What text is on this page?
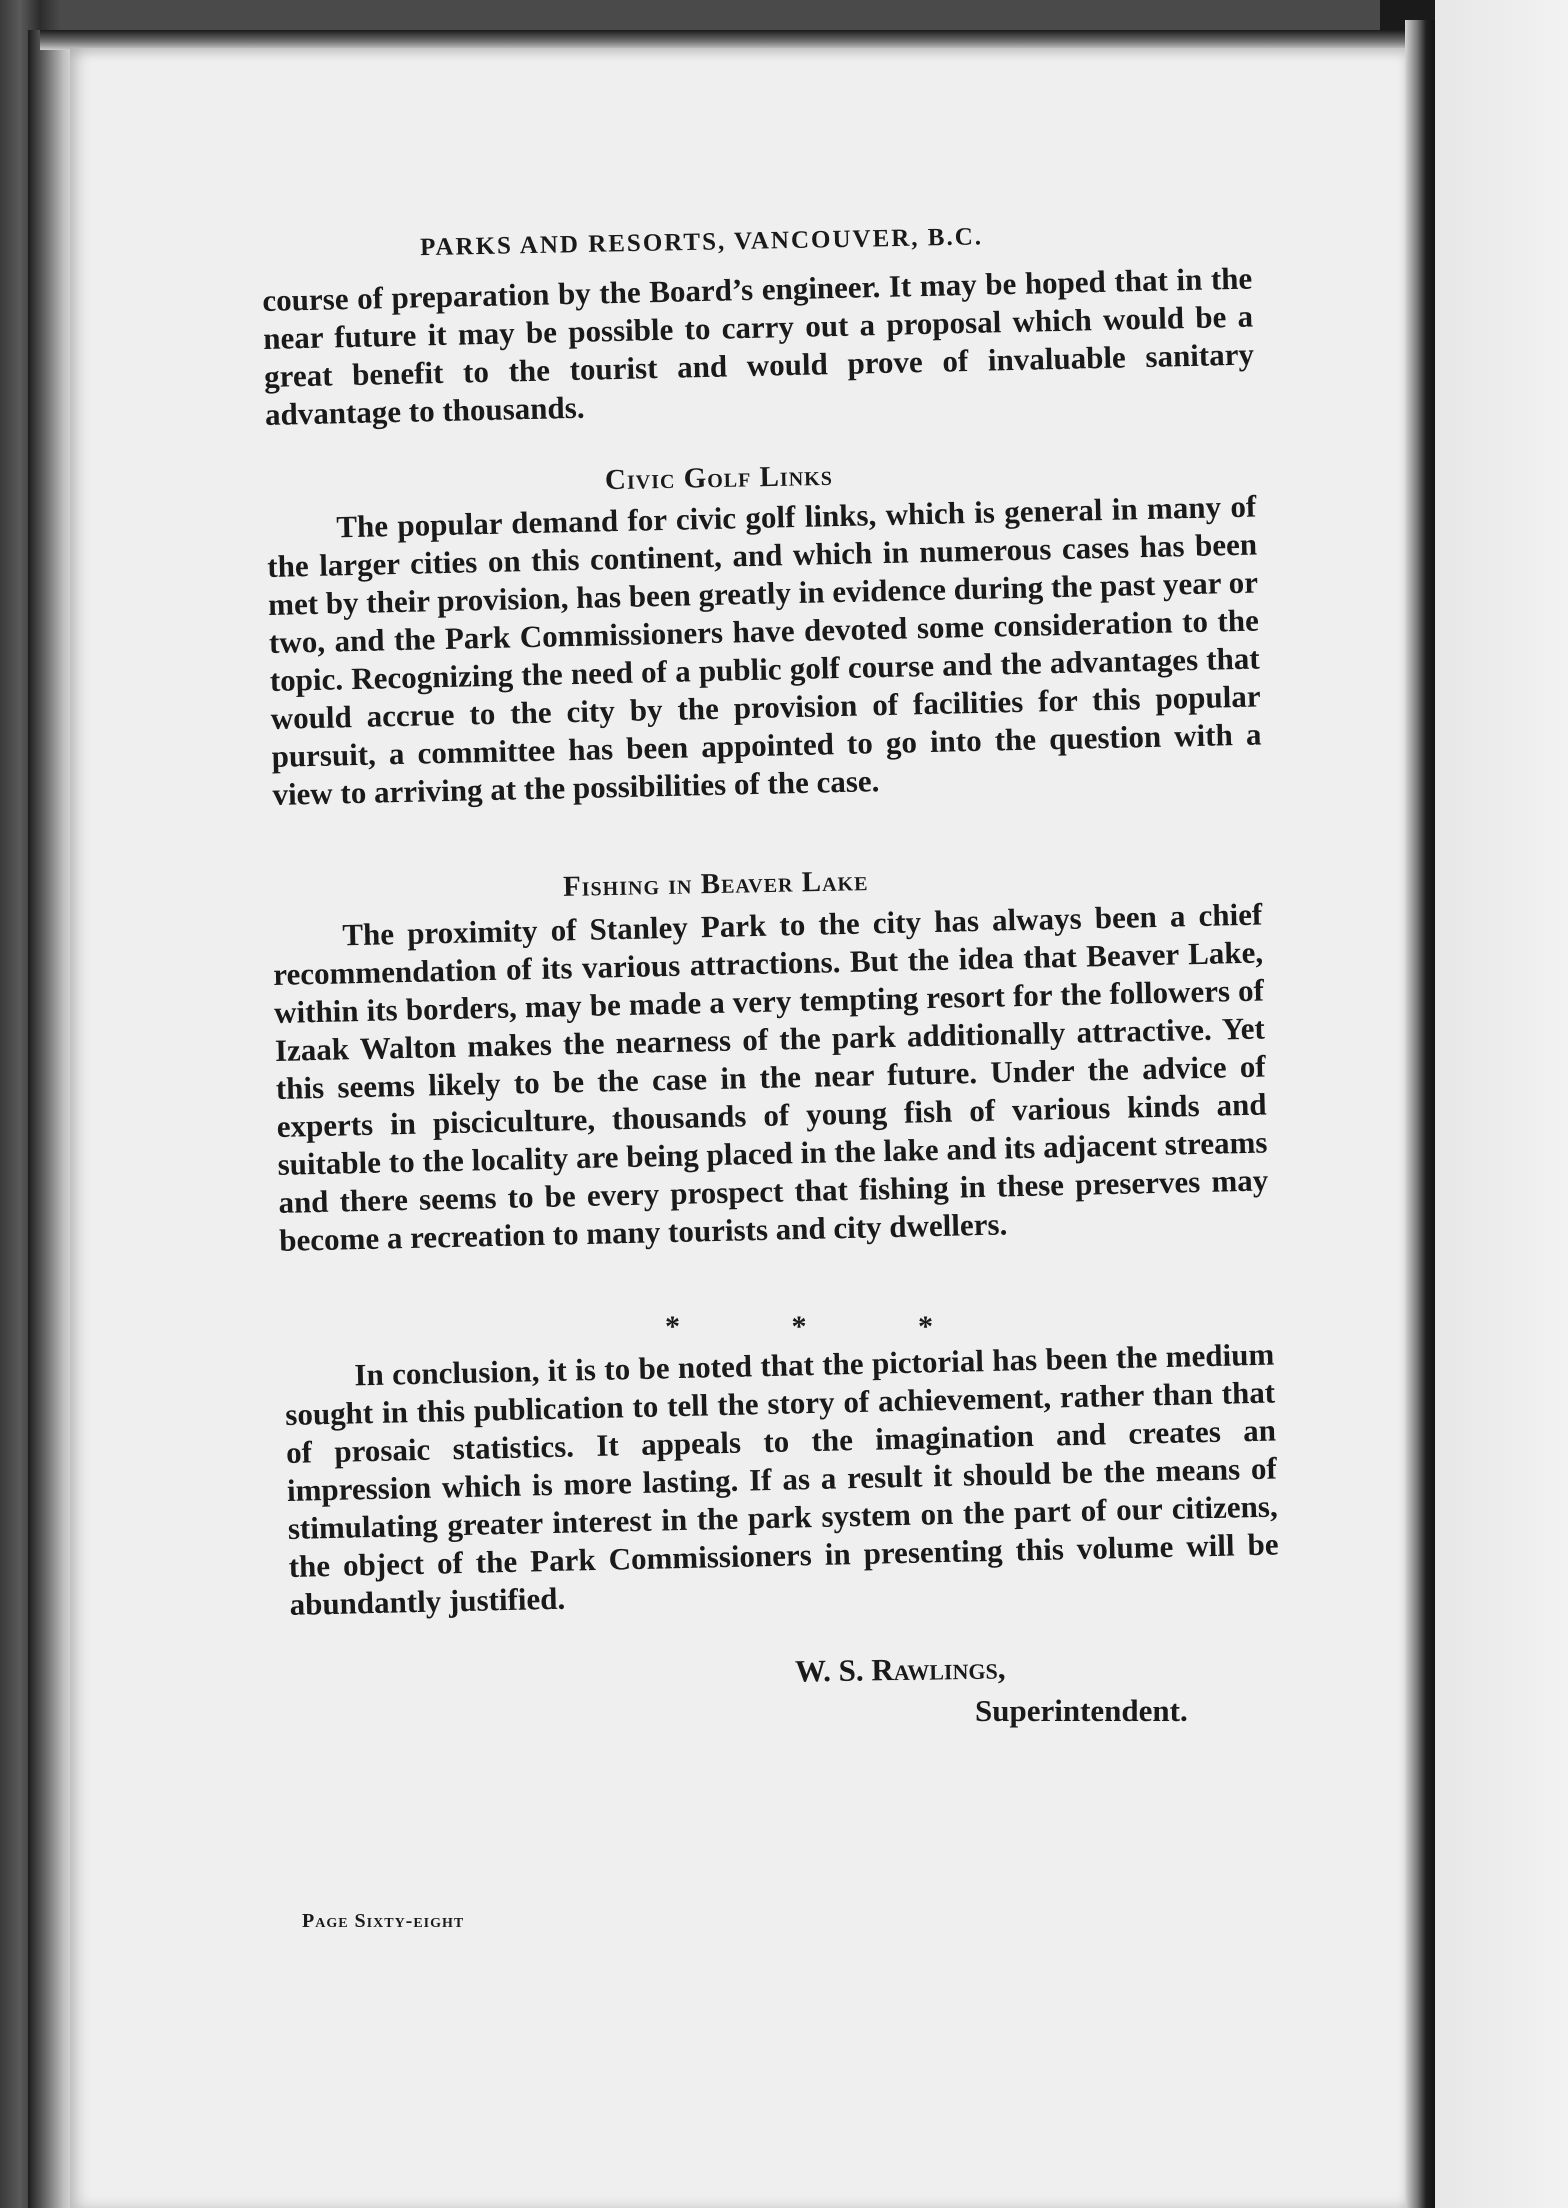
PARKS AND RESORTS, VANCOUVER, B.C.

course of preparation by the Board’s engineer. It may be hoped that in the near future it may be possible to carry out a proposal which would be a great benefit to the tourist and would prove of invaluable sanitary advantage to thousands.

Civic Golf Links

The popular demand for civic golf links, which is general in many of the larger cities on this continent, and which in numerous cases has been met by their provision, has been greatly in evidence during the past year or two, and the Park Commissioners have devoted some consideration to the topic. Recognizing the need of a public golf course and the advantages that would accrue to the city by the provision of facilities for this popular pursuit, a committee has been appointed to go into the question with a view to arriving at the possibilities of the case.

Fishing in Beaver Lake

The proximity of Stanley Park to the city has always been a chief recommendation of its various attractions. But the idea that Beaver Lake, within its borders, may be made a very tempting resort for the followers of Izaak Walton makes the nearness of the park additionally attractive. Yet this seems likely to be the case in the near future. Under the advice of experts in pisciculture, thousands of young fish of various kinds and suitable to the locality are being placed in the lake and its adjacent streams and there seems to be every prospect that fishing in these preserves may become a recreation to many tourists and city dwellers.

* * *

In conclusion, it is to be noted that the pictorial has been the medium sought in this publication to tell the story of achievement, rather than that of prosaic statistics. It appeals to the imagination and creates an impression which is more lasting. If as a result it should be the means of stimulating greater interest in the park system on the part of our citizens, the object of the Park Commissioners in presenting this volume will be abundantly justified.

W. S. Rawlings,
Superintendent.
Page Sixty-eight
